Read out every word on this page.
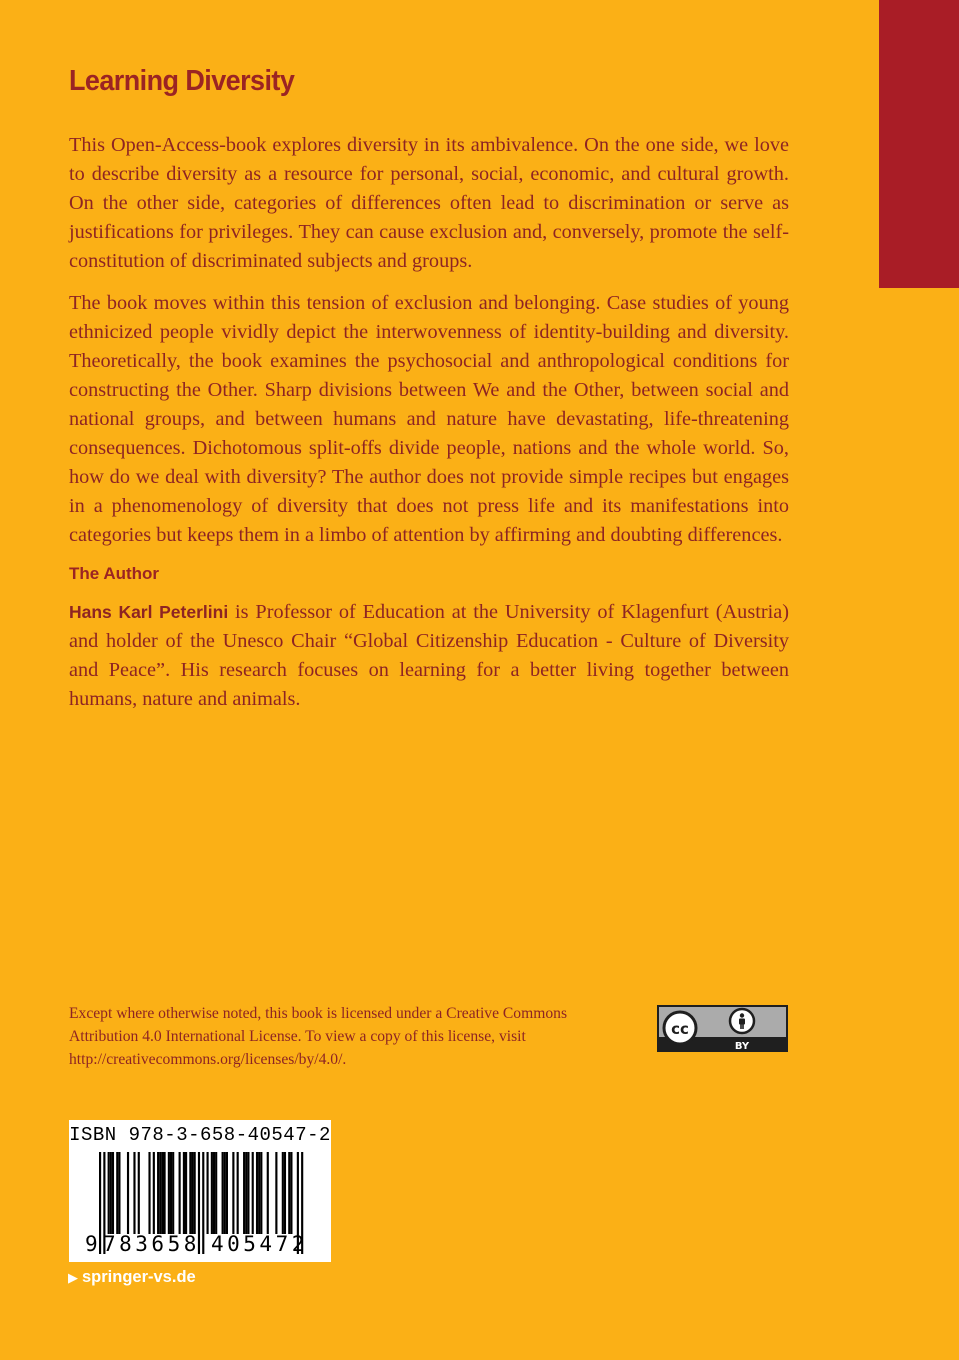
Learning Diversity

This Open-Access-book explores diversity in its ambivalence. On the one side, we love to describe diversity as a resource for personal, social, economic, and cultural growth. On the other side, categories of differences often lead to discrimination or serve as justifications for privileges. They can cause exclusion and, conversely, promote the self-constitution of discriminated subjects and groups.

The book moves within this tension of exclusion and belonging. Case studies of young ethnicized people vividly depict the interwovenness of identity-building and diversity. Theoretically, the book examines the psychosocial and anthropological conditions for constructing the Other. Sharp divisions between We and the Other, between social and national groups, and between humans and nature have devastating, life-threatening consequences. Dichotomous split-offs divide people, nations and the whole world. So, how do we deal with diversity? The author does not provide simple recipes but engages in a phenomenology of diversity that does not press life and its manifestations into categories but keeps them in a limbo of attention by affirming and doubting differences.

The Author

Hans Karl Peterlini is Professor of Education at the University of Klagenfurt (Austria) and holder of the Unesco Chair “Global Citizenship Education - Culture of Diversity and Peace”. His research focuses on learning for a better living together between humans, nature and animals.

Except where otherwise noted, this book is licensed under a Creative Commons Attribution 4.0 International License. To view a copy of this license, visit http://creativecommons.org/licenses/by/4.0/.

cc
BY
ISBN 978-3-658-40547-2
9 783658 405472
▶ springer-vs.de
